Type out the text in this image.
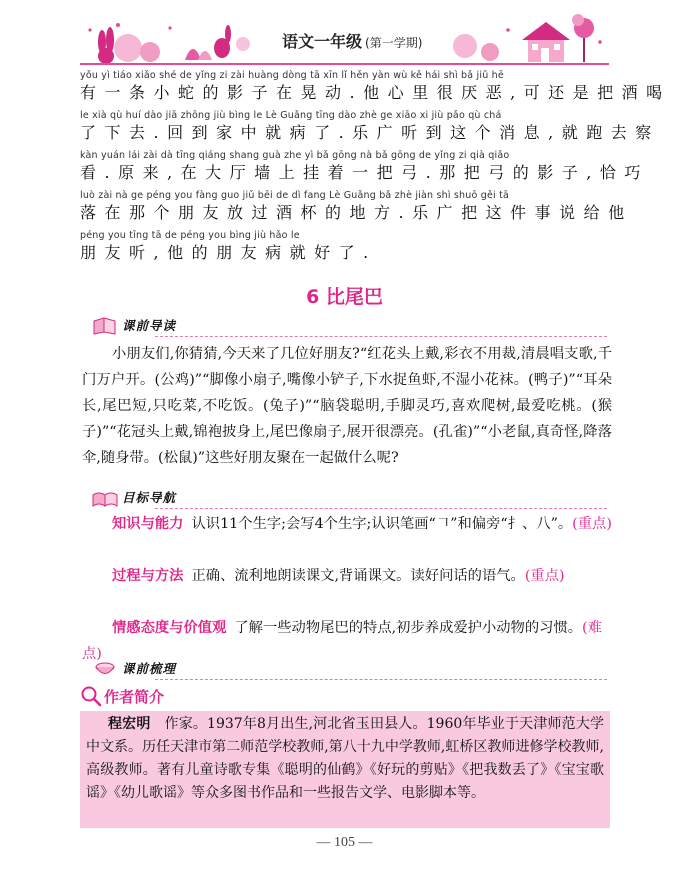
语文一年级 (第一学期)
yǒu yì tiáo xiǎo shé de yǐng zi zài huàng dòng tā xīn lǐ hěn yàn wù kě hái shì bǎ jiǔ hē
有一条小蛇的影子在晃动.他心里很厌恶,可还是把酒喝
le xià qù huí dào jiā zhōng jiù bìng le Lè Guǎng tīng dào zhè ge xiāo xi jiù pǎo qù chá
了下去.回到家中就病了.乐广听到这个消息,就跑去察
kàn yuán lái zài dà tīng qiáng shang guà zhe yì bǎ gōng nà bǎ gōng de yǐng zi qià qiǎo
看.原来,在大厅墙上挂着一把弓.那把弓的影子,恰巧
luò zài nà ge péng you fàng guo jiǔ bēi de dì fang Lè Guǎng bǎ zhè jiàn shì shuō gěi tā
落在那个朋友放过酒杯的地方.乐广把这件事说给他
péng you tīng tā de péng you bìng jiù hǎo le
朋友听,他的朋友病就好了.
6 比尾巴
课前导读
小朋友们,你猜猜,今天来了几位好朋友?“红花头上戴,彩衣不用裁,清晨唱支歌,千门万户开。(公鸡)”“脚像小扇子,嘴像小铲子,下水捉鱼虾,不湿小花袜。(鸭子)”“耳朵长,尾巴短,只吃菜,不吃饭。(兔子)”“脑袋聪明,手脚灵巧,喜欢爬树,最爱吃桃。(猴子)”“花冠头上戴,锦袍披身上,尾巴像扇子,展开很漂亮。(孔雀)”“小老鼠,真奇怪,降落伞,随身带。(松鼠)”这些好朋友聚在一起做什么呢?
目标导航
知识与能力 认识11个生字;会写4个生字;认识笔画“𠃍”和偏旁“扌、八”。(重点)
过程与方法 正确、流利地朗读课文,背诵课文。读好问话的语气。(重点)
情感态度与价值观 了解一些动物尾巴的特点,初步养成爱护小动物的习惯。(难点)
课前梳理
作者简介

程宏明 作家。1937年8月出生,河北省玉田县人。1960年毕业于天津师范大学中文系。历任天津市第二师范学校教师,第八十九中学教师,虹桥区教师进修学校教师,高级教师。著有儿童诗歌专集《聪明的仙鹤》《好玩的剪贴》《把我数丢了》《宝宝歌谣》《幼儿歌谣》等众多图书作品和一些报告文学、电影脚本等。

— 105 —
